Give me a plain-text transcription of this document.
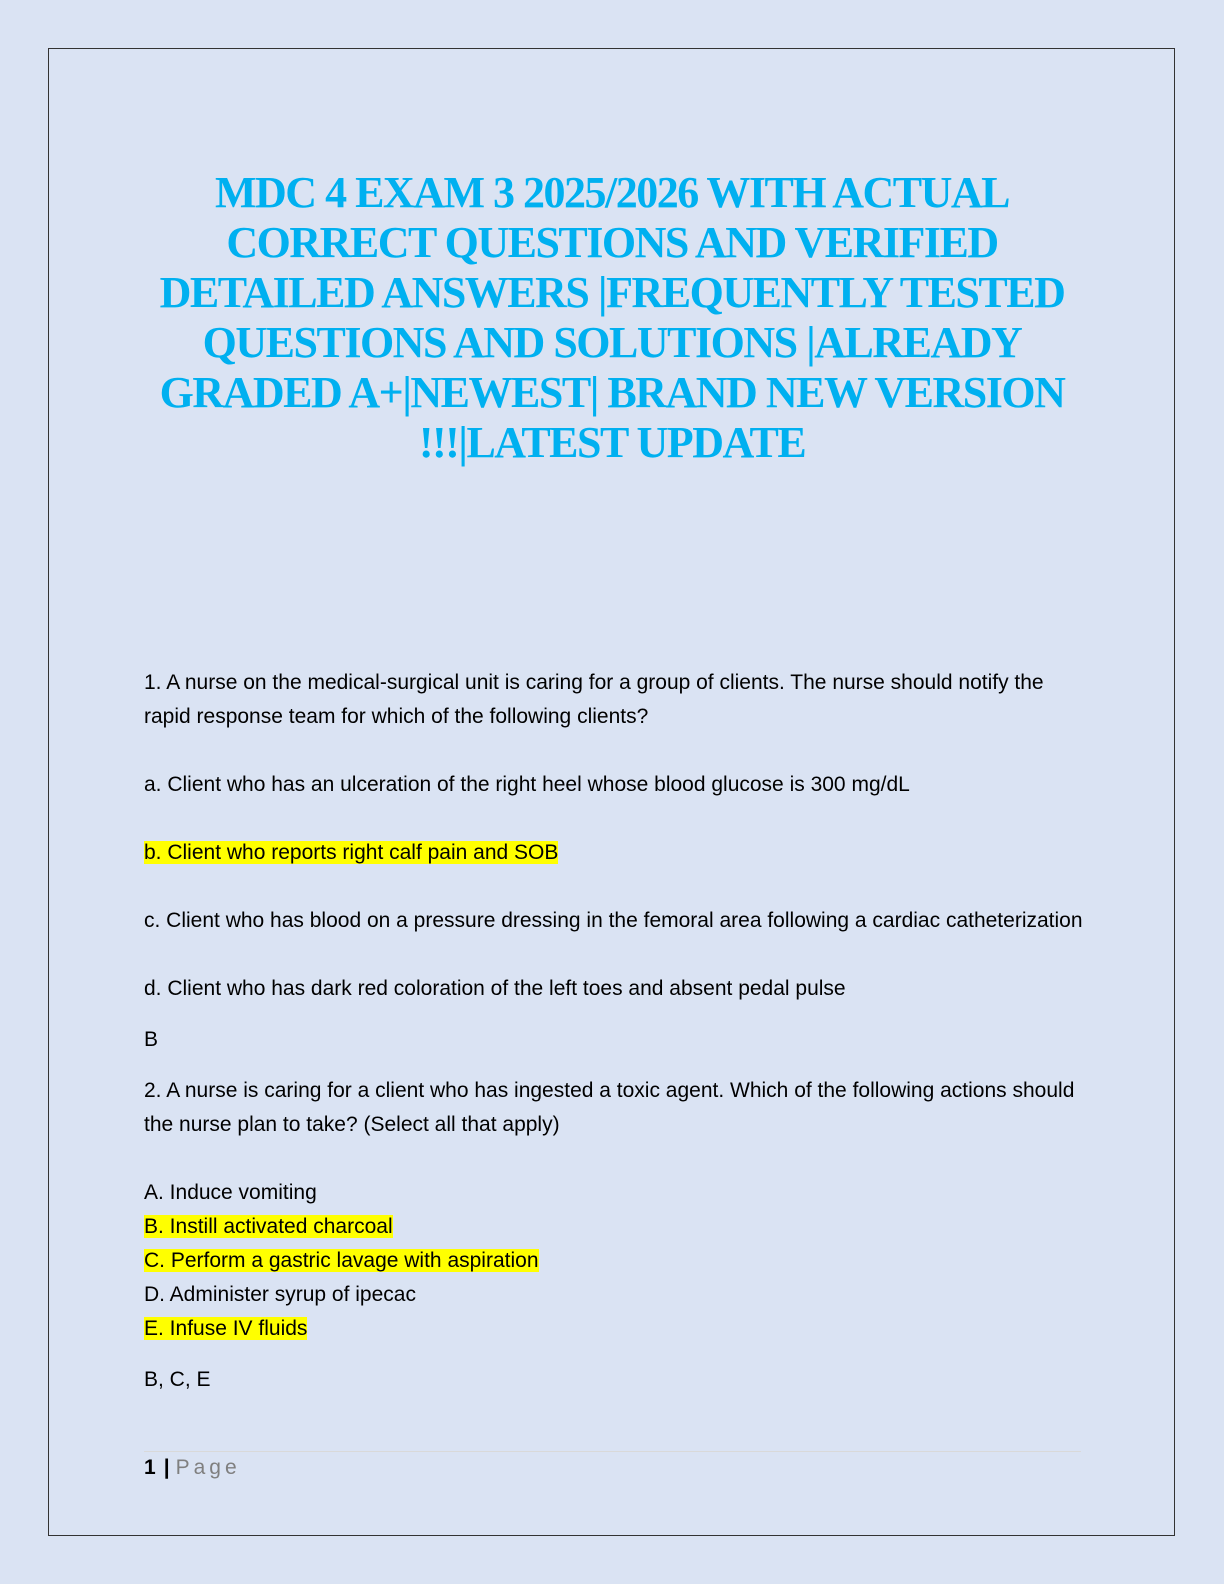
MDC 4 EXAM 3 2025/2026 WITH ACTUAL CORRECT QUESTIONS AND VERIFIED DETAILED ANSWERS |FREQUENTLY TESTED QUESTIONS AND SOLUTIONS |ALREADY GRADED A+|NEWEST| BRAND NEW VERSION !!!|LATEST UPDATE

1. A nurse on the medical-surgical unit is caring for a group of clients. The nurse should notify the rapid response team for which of the following clients?

a. Client who has an ulceration of the right heel whose blood glucose is 300 mg/dL

b. Client who reports right calf pain and SOB

c. Client who has blood on a pressure dressing in the femoral area following a cardiac catheterization

d. Client who has dark red coloration of the left toes and absent pedal pulse

B

2. A nurse is caring for a client who has ingested a toxic agent. Which of the following actions should the nurse plan to take? (Select all that apply)

A. Induce vomiting

B. Instill activated charcoal

C. Perform a gastric lavage with aspiration

D. Administer syrup of ipecac

E. Infuse IV fluids

B, C, E

1 | Page
